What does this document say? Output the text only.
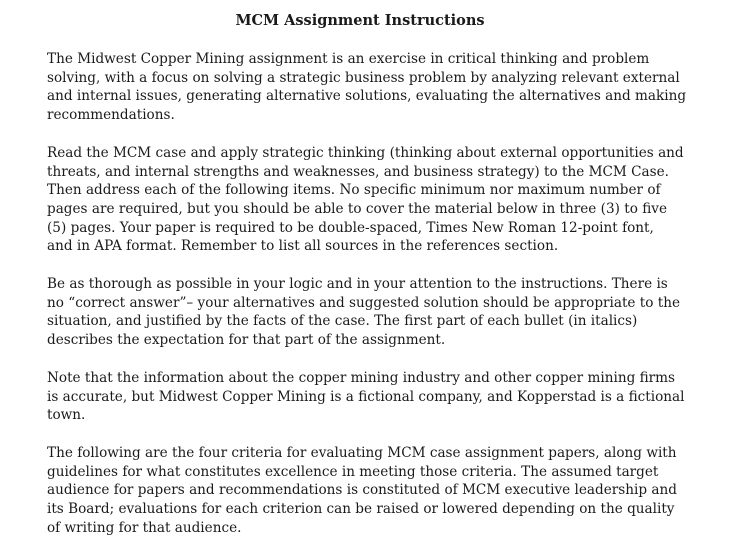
MCM Assignment Instructions
The Midwest Copper Mining assignment is an exercise in critical thinking and problem
solving, with a focus on solving a strategic business problem by analyzing relevant external
and internal issues, generating alternative solutions, evaluating the alternatives and making
recommendations.
Read the MCM case and apply strategic thinking (thinking about external opportunities and
threats, and internal strengths and weaknesses, and business strategy) to the MCM Case.
Then address each of the following items. No specific minimum nor maximum number of
pages are required, but you should be able to cover the material below in three (3) to five
(5) pages. Your paper is required to be double-spaced, Times New Roman 12-point font,
and in APA format. Remember to list all sources in the references section.
Be as thorough as possible in your logic and in your attention to the instructions. There is
no “correct answer”– your alternatives and suggested solution should be appropriate to the
situation, and justified by the facts of the case. The first part of each bullet (in italics)
describes the expectation for that part of the assignment.
Note that the information about the copper mining industry and other copper mining firms
is accurate, but Midwest Copper Mining is a fictional company, and Kopperstad is a fictional
town.
The following are the four criteria for evaluating MCM case assignment papers, along with
guidelines for what constitutes excellence in meeting those criteria. The assumed target
audience for papers and recommendations is constituted of MCM executive leadership and
its Board; evaluations for each criterion can be raised or lowered depending on the quality
of writing for that audience.
